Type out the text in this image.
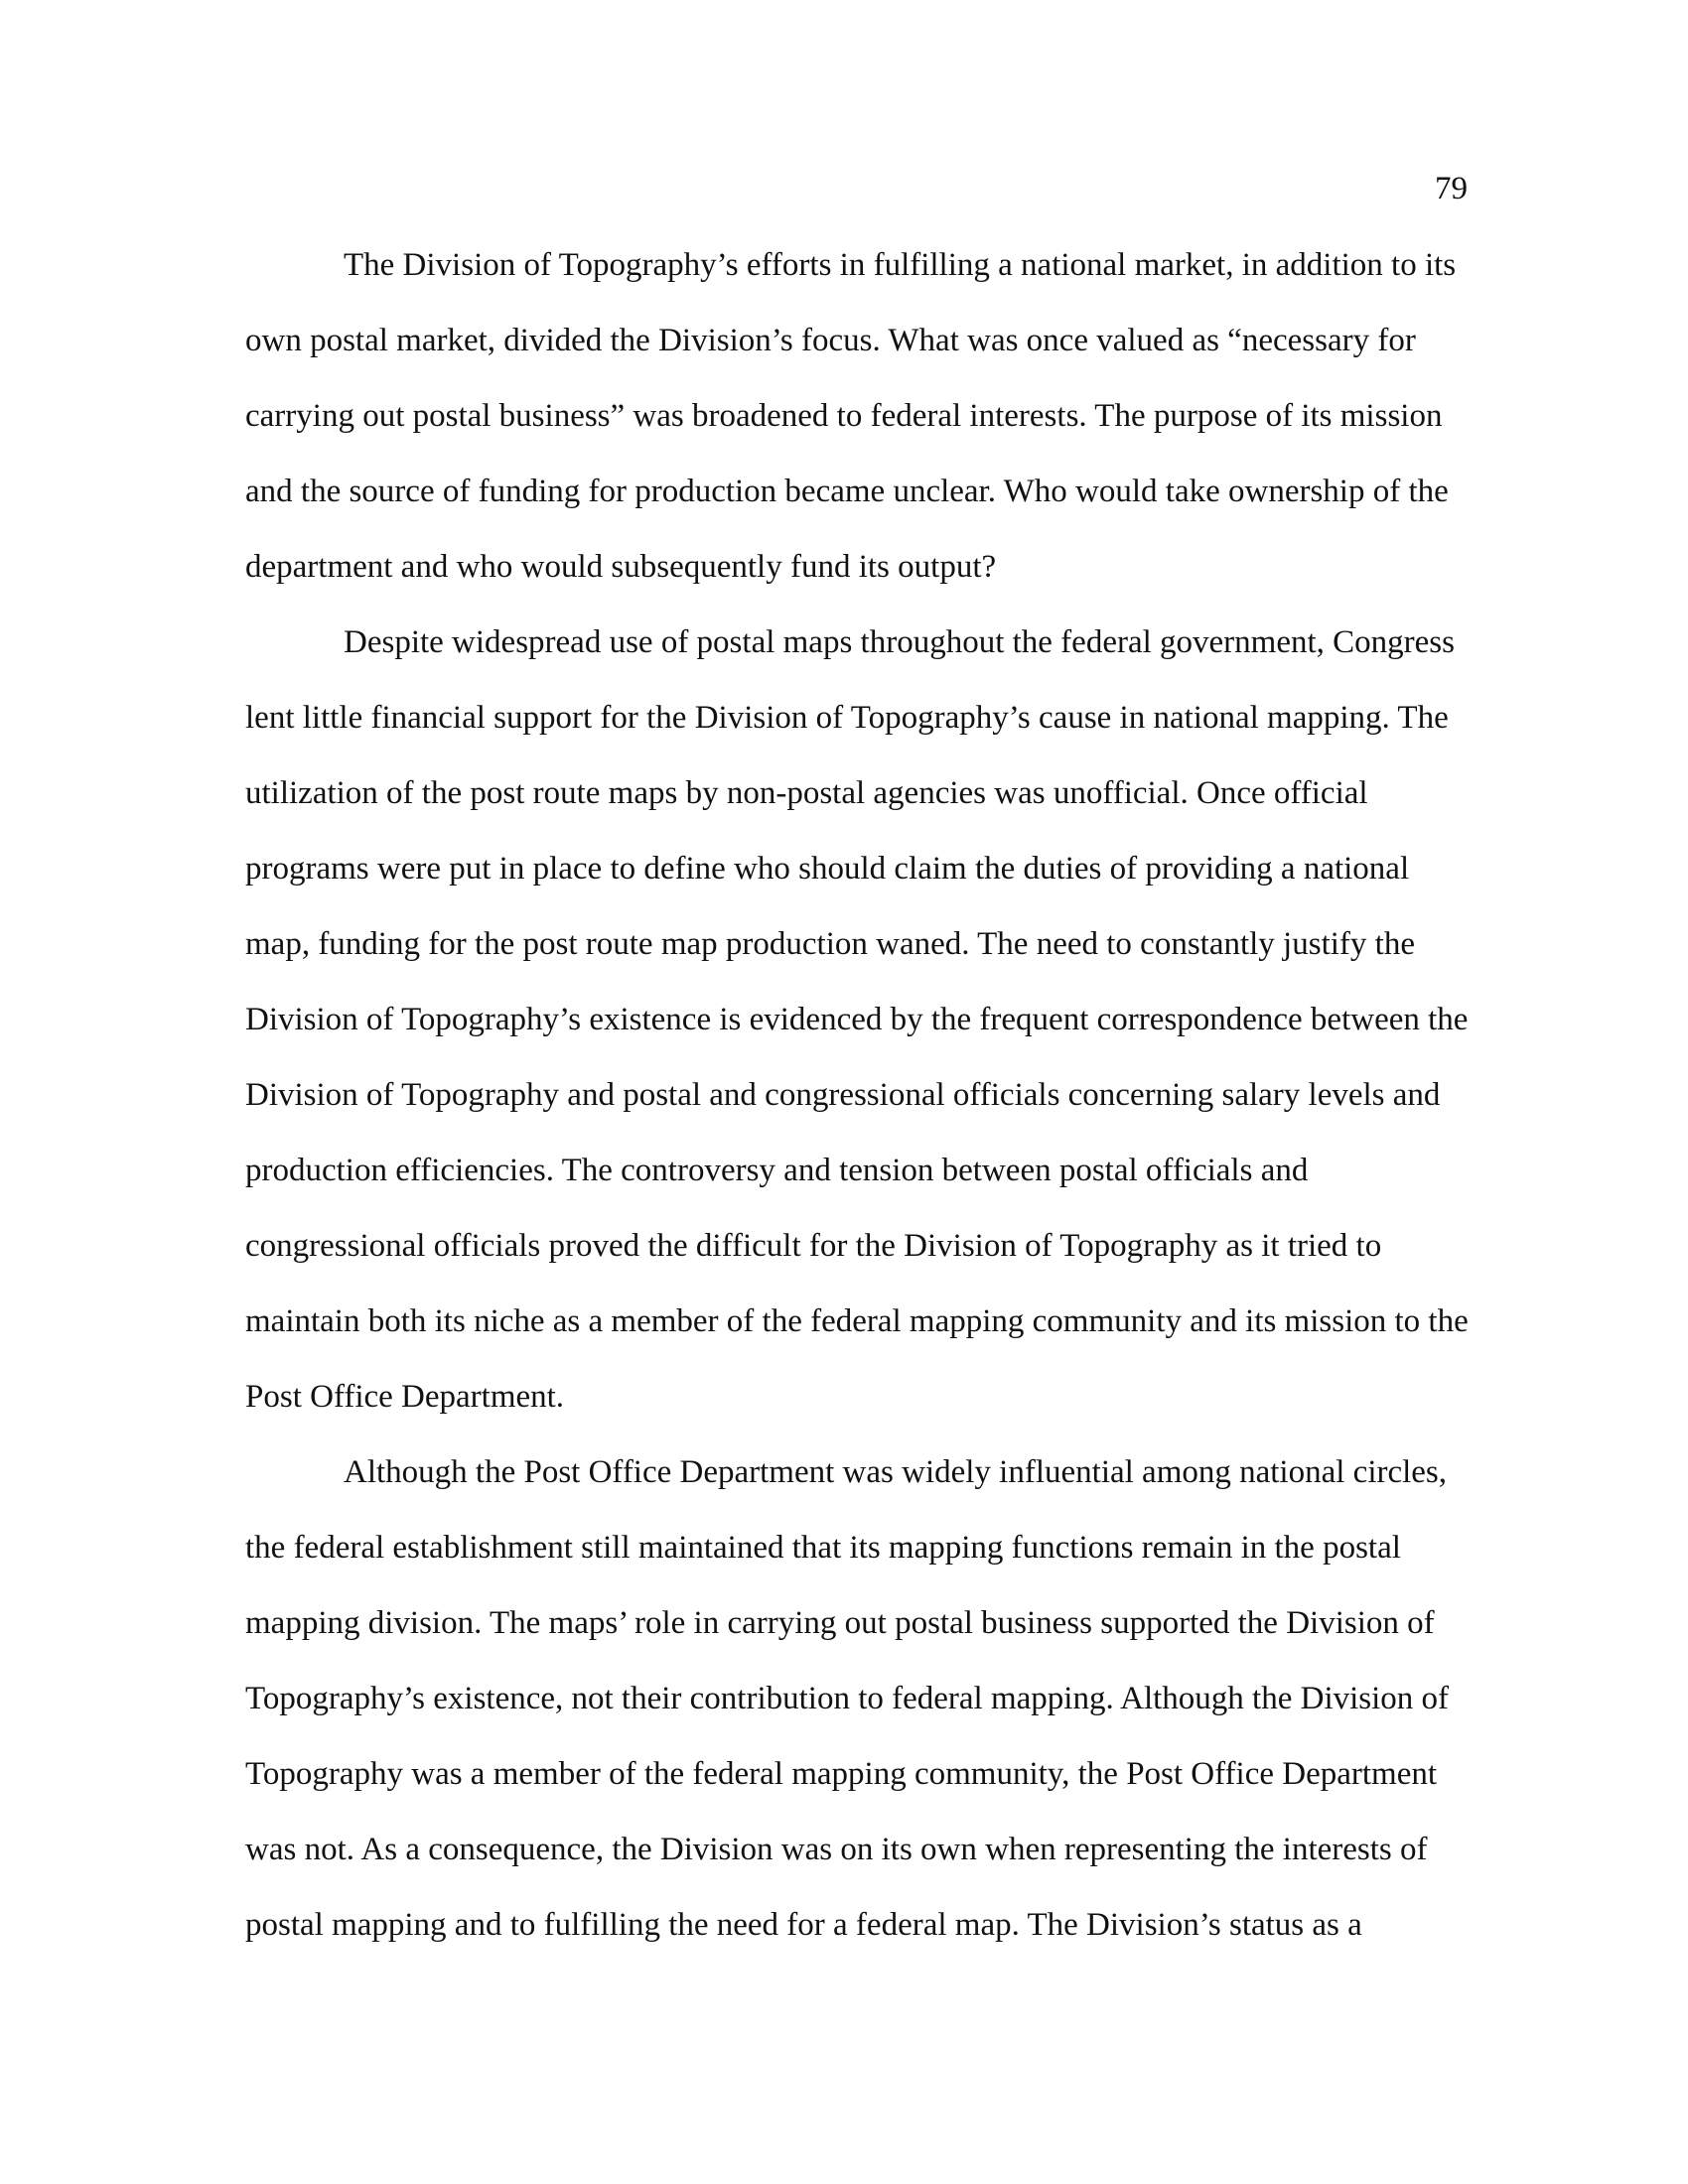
79
The Division of Topography’s efforts in fulfilling a national market, in addition to its
own postal market, divided the Division’s focus. What was once valued as “necessary for
carrying out postal business” was broadened to federal interests. The purpose of its mission
and the source of funding for production became unclear. Who would take ownership of the
department and who would subsequently fund its output?
Despite widespread use of postal maps throughout the federal government, Congress
lent little financial support for the Division of Topography’s cause in national mapping. The
utilization of the post route maps by non-postal agencies was unofficial. Once official
programs were put in place to define who should claim the duties of providing a national
map, funding for the post route map production waned. The need to constantly justify the
Division of Topography’s existence is evidenced by the frequent correspondence between the
Division of Topography and postal and congressional officials concerning salary levels and
production efficiencies. The controversy and tension between postal officials and
congressional officials proved the difficult for the Division of Topography as it tried to
maintain both its niche as a member of the federal mapping community and its mission to the
Post Office Department.
Although the Post Office Department was widely influential among national circles,
the federal establishment still maintained that its mapping functions remain in the postal
mapping division. The maps’ role in carrying out postal business supported the Division of
Topography’s existence, not their contribution to federal mapping. Although the Division of
Topography was a member of the federal mapping community, the Post Office Department
was not. As a consequence, the Division was on its own when representing the interests of
postal mapping and to fulfilling the need for a federal map. The Division’s status as a
